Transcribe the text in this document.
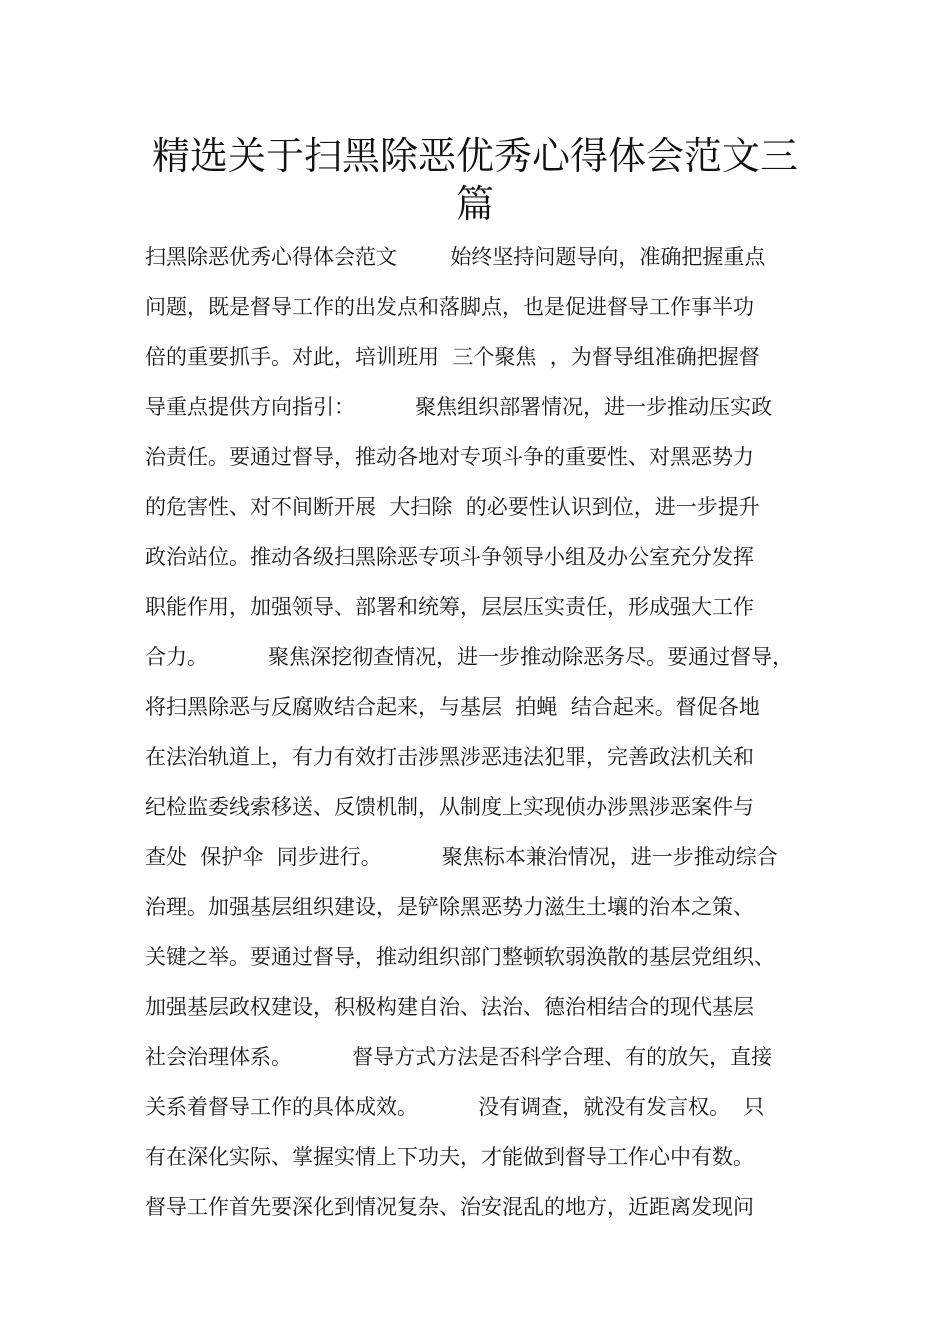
精选关于扫黑除恶优秀心得体会范文三
篇
扫黑除恶优秀心得体会范文        始终坚持问题导向，准确把握重点
问题，既是督导工作的出发点和落脚点，也是促进督导工作事半功
倍的重要抓手。对此，培训班用  三个聚焦  ，为督导组准确把握督
导重点提供方向指引：         聚焦组织部署情况，进一步推动压实政
治责任。要通过督导，推动各地对专项斗争的重要性、对黑恶势力
的危害性、对不间断开展  大扫除  的必要性认识到位，进一步提升
政治站位。推动各级扫黑除恶专项斗争领导小组及办公室充分发挥
职能作用，加强领导、部署和统筹，层层压实责任，形成强大工作
合力。         聚焦深挖彻查情况，进一步推动除恶务尽。要通过督导，
将扫黑除恶与反腐败结合起来，与基层  拍蝇  结合起来。督促各地
在法治轨道上，有力有效打击涉黑涉恶违法犯罪，完善政法机关和
纪检监委线索移送、反馈机制，从制度上实现侦办涉黑涉恶案件与
查处  保护伞  同步进行。         聚焦标本兼治情况，进一步推动综合
治理。加强基层组织建设，是铲除黑恶势力滋生土壤的治本之策、
关键之举。要通过督导，推动组织部门整顿软弱涣散的基层党组织、
加强基层政权建设，积极构建自治、法治、德治相结合的现代基层
社会治理体系。         督导方式方法是否科学合理、有的放矢，直接
关系着督导工作的具体成效。         没有调查，就没有发言权。  只
有在深化实际、掌握实情上下功夫，才能做到督导工作心中有数。
督导工作首先要深化到情况复杂、治安混乱的地方，近距离发现问
